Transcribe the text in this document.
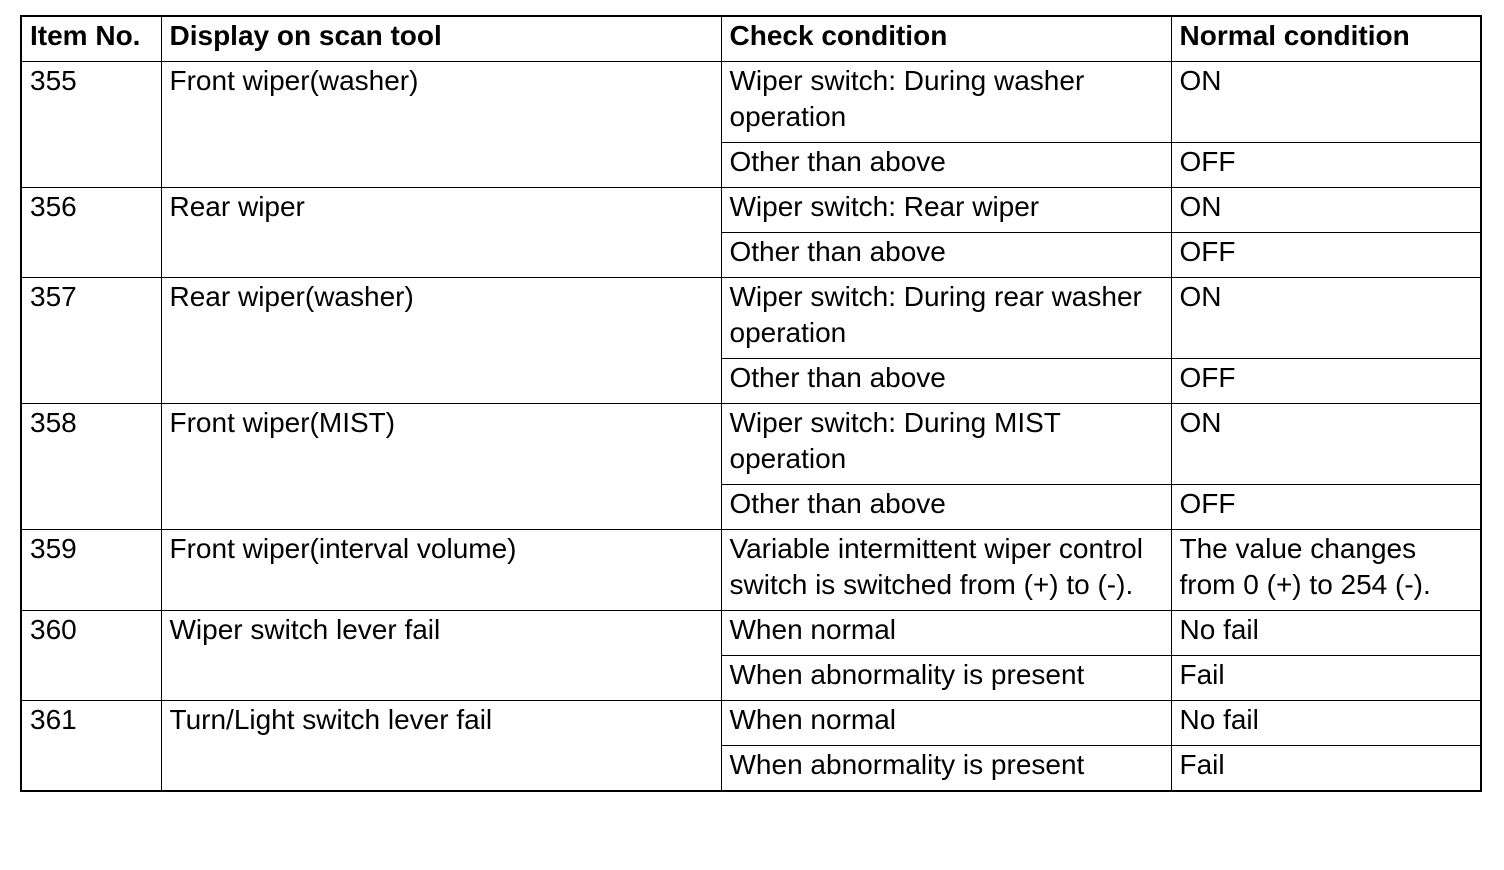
Item No.	Display on scan tool	Check condition	Normal condition
355	Front wiper(washer)	Wiper switch: During washer operation	ON
		Other than above	OFF
356	Rear wiper	Wiper switch: Rear wiper	ON
		Other than above	OFF
357	Rear wiper(washer)	Wiper switch: During rear washer operation	ON
		Other than above	OFF
358	Front wiper(MIST)	Wiper switch: During MIST operation	ON
		Other than above	OFF
359	Front wiper(interval volume)	Variable intermittent wiper control switch is switched from (+) to (-).	The value changes from 0 (+) to 254 (-).
360	Wiper switch lever fail	When normal	No fail
		When abnormality is present	Fail
361	Turn/Light switch lever fail	When normal	No fail
		When abnormality is present	Fail
